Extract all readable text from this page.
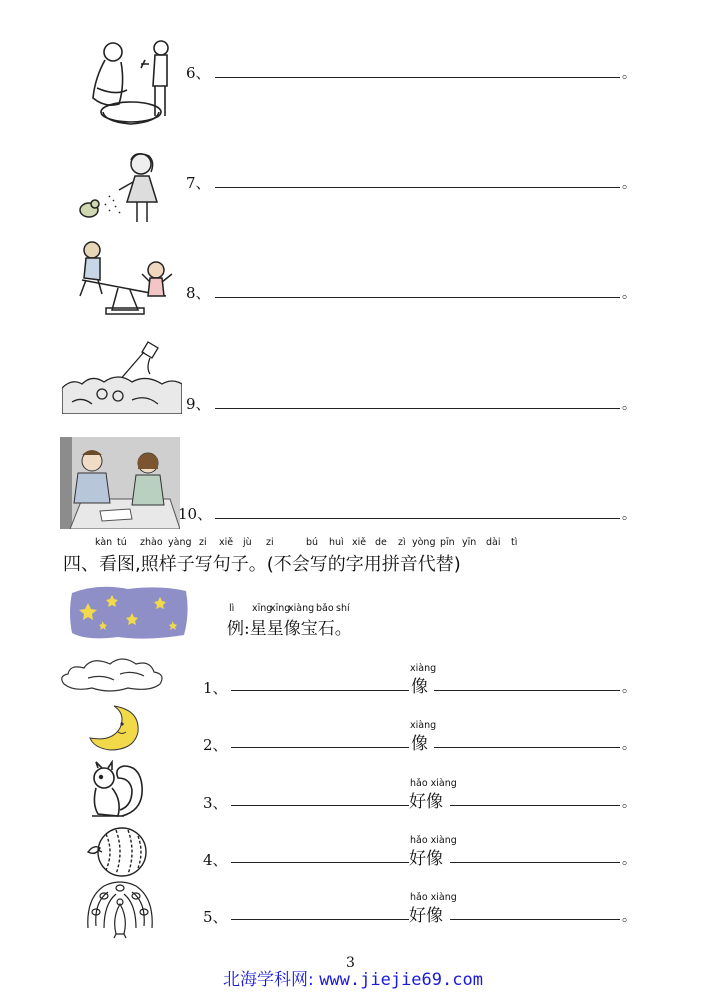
6、	。
7、	。
8、	。
9、	。
10、	。
kàn tú zhào yàng zi xiě jù zi	bú huì xiě de zì yòng pīn yīn dài tì
四、看图,照样子写句子。(不会写的字用拼音代替)
lì xīng
xīng
xiàng bǎo shí
例:星星像宝石。
1、
xiàng
像	。
2、
xiàng
像	。
3、
hǎo xiàng
好像	。
4、
hǎo xiàng
好像	。
5、
hǎo xiàng
好像	。
3
北海学科网: www.jiejie69.com
